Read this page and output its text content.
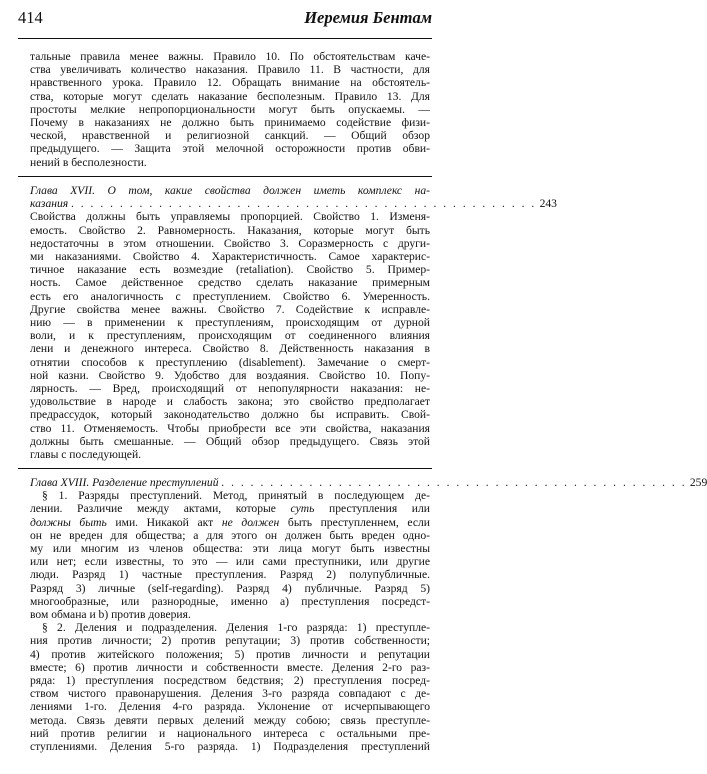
414	Иеремия Бентам
тальные правила менее важны. Правило 10. По обстоятельствам каче-
ства увеличивать количество наказания. Правило 11. В частности, для
нравственного урока. Правило 12. Обращать внимание на обстоятель-
ства, которые могут сделать наказание бесполезным. Правило 13. Для
простоты мелкие непропорциональности могут быть опускаемы. —
Почему в наказаниях не должно быть принимаемо содействие физи-
ческой, нравственной и религиозной санкций. — Общий обзор
предыдущего. — Защита этой мелочной осторожности против обви-
нений в бесполезности.
Глава XVII. О том, какие свойства должен иметь комплекс на-
казания . . . . . . . . . . . . . . . . . . . . . . . . . . . . . . . . . . . . . . . . . . . . . . . . 243
Свойства должны быть управляемы пропорцией. Свойство 1. Изменя-
емость. Свойство 2. Равномерность. Наказания, которые могут быть
недостаточны в этом отношении. Свойство 3. Соразмерность с други-
ми наказаниями. Свойство 4. Характеристичность. Самое характерис-
тичное наказание есть возмездие (retaliation). Свойство 5. Пример-
ность. Самое действенное средство сделать наказание примерным
есть его аналогичность с преступлением. Свойство 6. Умеренность.
Другие свойства менее важны. Свойство 7. Содействие к исправле-
нию — в применении к преступлениям, происходящим от дурной
воли, и к преступлениям, происходящим от соединенного влияния
лени и денежного интереса. Свойство 8. Действенность наказания в
отнятии способов к преступлению (disablement). Замечание о смерт-
ной казни. Свойство 9. Удобство для воздаяния. Свойство 10. Попу-
лярность. — Вред, происходящий от непопулярности наказания: не-
удовольствие в народе и слабость закона; это свойство предполагает
предрассудок, который законодательство должно бы исправить. Свой-
ство 11. Отменяемость. Чтобы приобрести все эти свойства, наказания
должны быть смешанные. — Общий обзор предыдущего. Связь этой
главы с последующей.
Глава XVIII. Разделение преступлений . . . . . . . . . . . . . . . . . . . . . . . . . . . . . . . . . . . . . . . . . . . . . . . . 259
§ 1. Разряды преступлений. Метод, принятый в последующем де-
лении. Различие между актами, которые суть преступления или
должны быть ими. Никакой акт не должен быть преступленнем, если
он не вреден для общества; а для этого он должен быть вреден одно-
му или многим из членов общества: эти лица могут быть известны
или нет; если известны, то это — или сами преступники, или другие
люди. Разряд 1) частные преступления. Разряд 2) полупубличные.
Разряд 3) личные (self-regarding). Разряд 4) публичные. Разряд 5)
многообразные, или разнородные, именно а) преступления посредст-
вом обмана и b) против доверия.
§ 2. Деления и подразделения. Деления 1-го разряда: 1) преступле-
ния против личности; 2) против репутации; 3) против собственности;
4) против житейского положения; 5) против личности и репутации
вместе; 6) против личности и собственности вместе. Деления 2-го раз-
ряда: 1) преступления посредством бедствия; 2) преступления посред-
ством чистого правонарушения. Деления 3-го разряда совпадают с де-
лениями 1-го. Деления 4-го разряда. Уклонение от исчерпывающего
метода. Связь девяти первых делений между собою; связь преступле-
ний против религии и национального интереса с остальными пре-
ступлениями. Деления 5-го разряда. 1) Подразделения преступлений
